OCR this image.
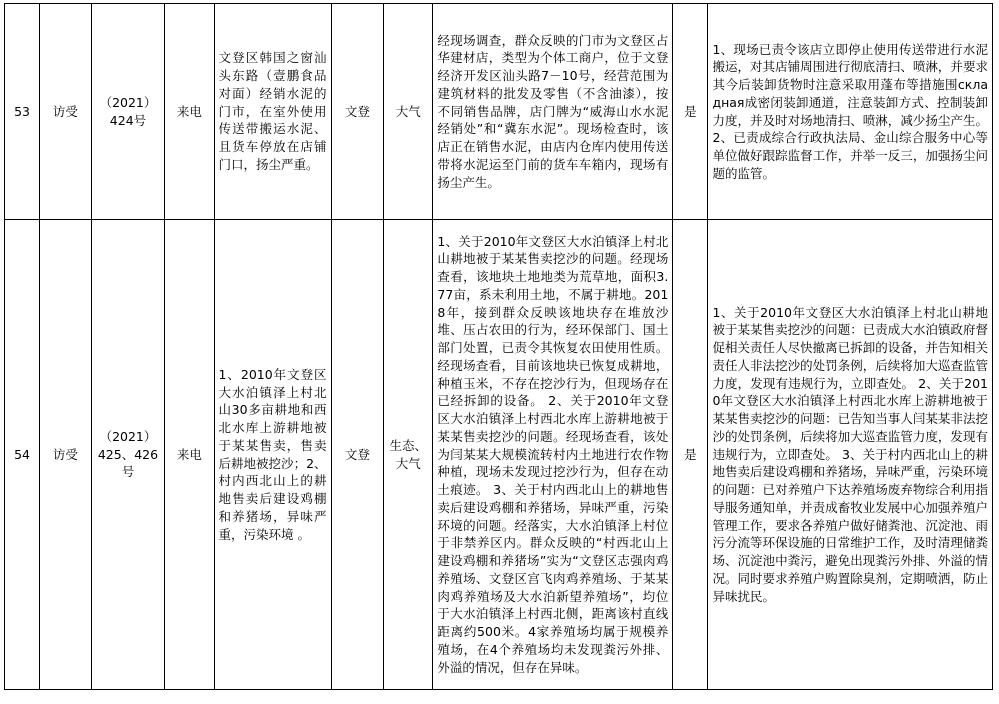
53	访受	（2021）424号	来电	文登区韩国之窗汕头东路（壹鹏食品对面）经销水泥的门市，在室外使用传送带搬运水泥、且货车停放在店铺门口，扬尘严重。	文登	大气	经现场调查，群众反映的门市为文登区占华建材店，类型为个体工商户，位于文登经济开发区汕头路7－10号，经营范围为建筑材料的批发及零售（不含油漆），按不同销售品牌，店门牌为“威海山水水泥经销处”和“冀东水泥”。现场检查时，该店正在销售水泥，由店内仓库内使用传送带将水泥运至门前的货车车箱内，现场有扬尘产生。	是	1、现场已责令该店立即停止使用传送带进行水泥搬运，对其店铺周围进行彻底清扫、喷淋，并要求其今后装卸货物时注意采取用蓬布等措施围складная成密闭装卸通道，注意装卸方式、控制装卸力度，并及时对场地清扫、喷淋，减少扬尘产生。 2、已责成综合行政执法局、金山综合服务中心等单位做好跟踪监督工作，并举一反三，加强扬尘问题的监管。
54	访受	（2021）425、426号	来电	1、2010年文登区大水泊镇泽上村北山30多亩耕地和西北水库上游耕地被于某某售卖，售卖后耕地被挖沙；2、村内西北山上的耕地售卖后建设鸡棚和养猪场，异味严重，污染环境 。	文登	生态、大气	1、关于2010年文登区大水泊镇泽上村北山耕地被于某某售卖挖沙的问题。经现场查看，该地块土地地类为荒草地，面积3.77亩，系未利用土地，不属于耕地。2018年，接到群众反映该地块存在堆放沙堆、压占农田的行为，经环保部门、国土部门处置，已责令其恢复农田使用性质。经现场查看，目前该地块已恢复成耕地，种植玉米，不存在挖沙行为，但现场存在已经拆卸的设备。 2、关于2010年文登区大水泊镇泽上村西北水库上游耕地被于某某售卖挖沙的问题。经现场查看，该处为闫某某大规模流转村内土地进行农作物种植，现场未发现过挖沙行为，但存在动土痕迹。 3、关于村内西北山上的耕地售卖后建设鸡棚和养猪场，异味严重，污染环境的问题。经落实，大水泊镇泽上村位于非禁养区内。群众反映的“村西北山上建设鸡棚和养猪场”实为“文登区志强肉鸡养殖场、文登区宫飞肉鸡养殖场、于某某肉鸡养殖场及大水泊新望养殖场”，均位于大水泊镇泽上村西北侧，距离该村直线距离约500米。4家养殖场均属于规模养殖场，在4个养殖场均未发现粪污外排、外溢的情况，但存在异味。	是	1、关于2010年文登区大水泊镇泽上村北山耕地被于某某售卖挖沙的问题：已责成大水泊镇政府督促相关责任人尽快撤离已拆卸的设备，并告知相关责任人非法挖沙的处罚条例，后续将加大巡查监管力度，发现有违规行为，立即查处。 2、关于2010年文登区大水泊镇泽上村西北水库上游耕地被于某某售卖挖沙的问题：已告知当事人闫某某非法挖沙的处罚条例，后续将加大巡查监管力度，发现有违规行为，立即查处。 3、关于村内西北山上的耕地售卖后建设鸡棚和养猪场，异味严重，污染环境的问题：已对养殖户下达养殖场废弃物综合利用指导服务通知单，并责成畜牧业发展中心加强养殖户管理工作，要求各养殖户做好储粪池、沉淀池、雨污分流等环保设施的日常维护工作，及时清理储粪场、沉淀池中粪污，避免出现粪污外排、外溢的情况。同时要求养殖户购置除臭剂，定期喷洒，防止异味扰民。
